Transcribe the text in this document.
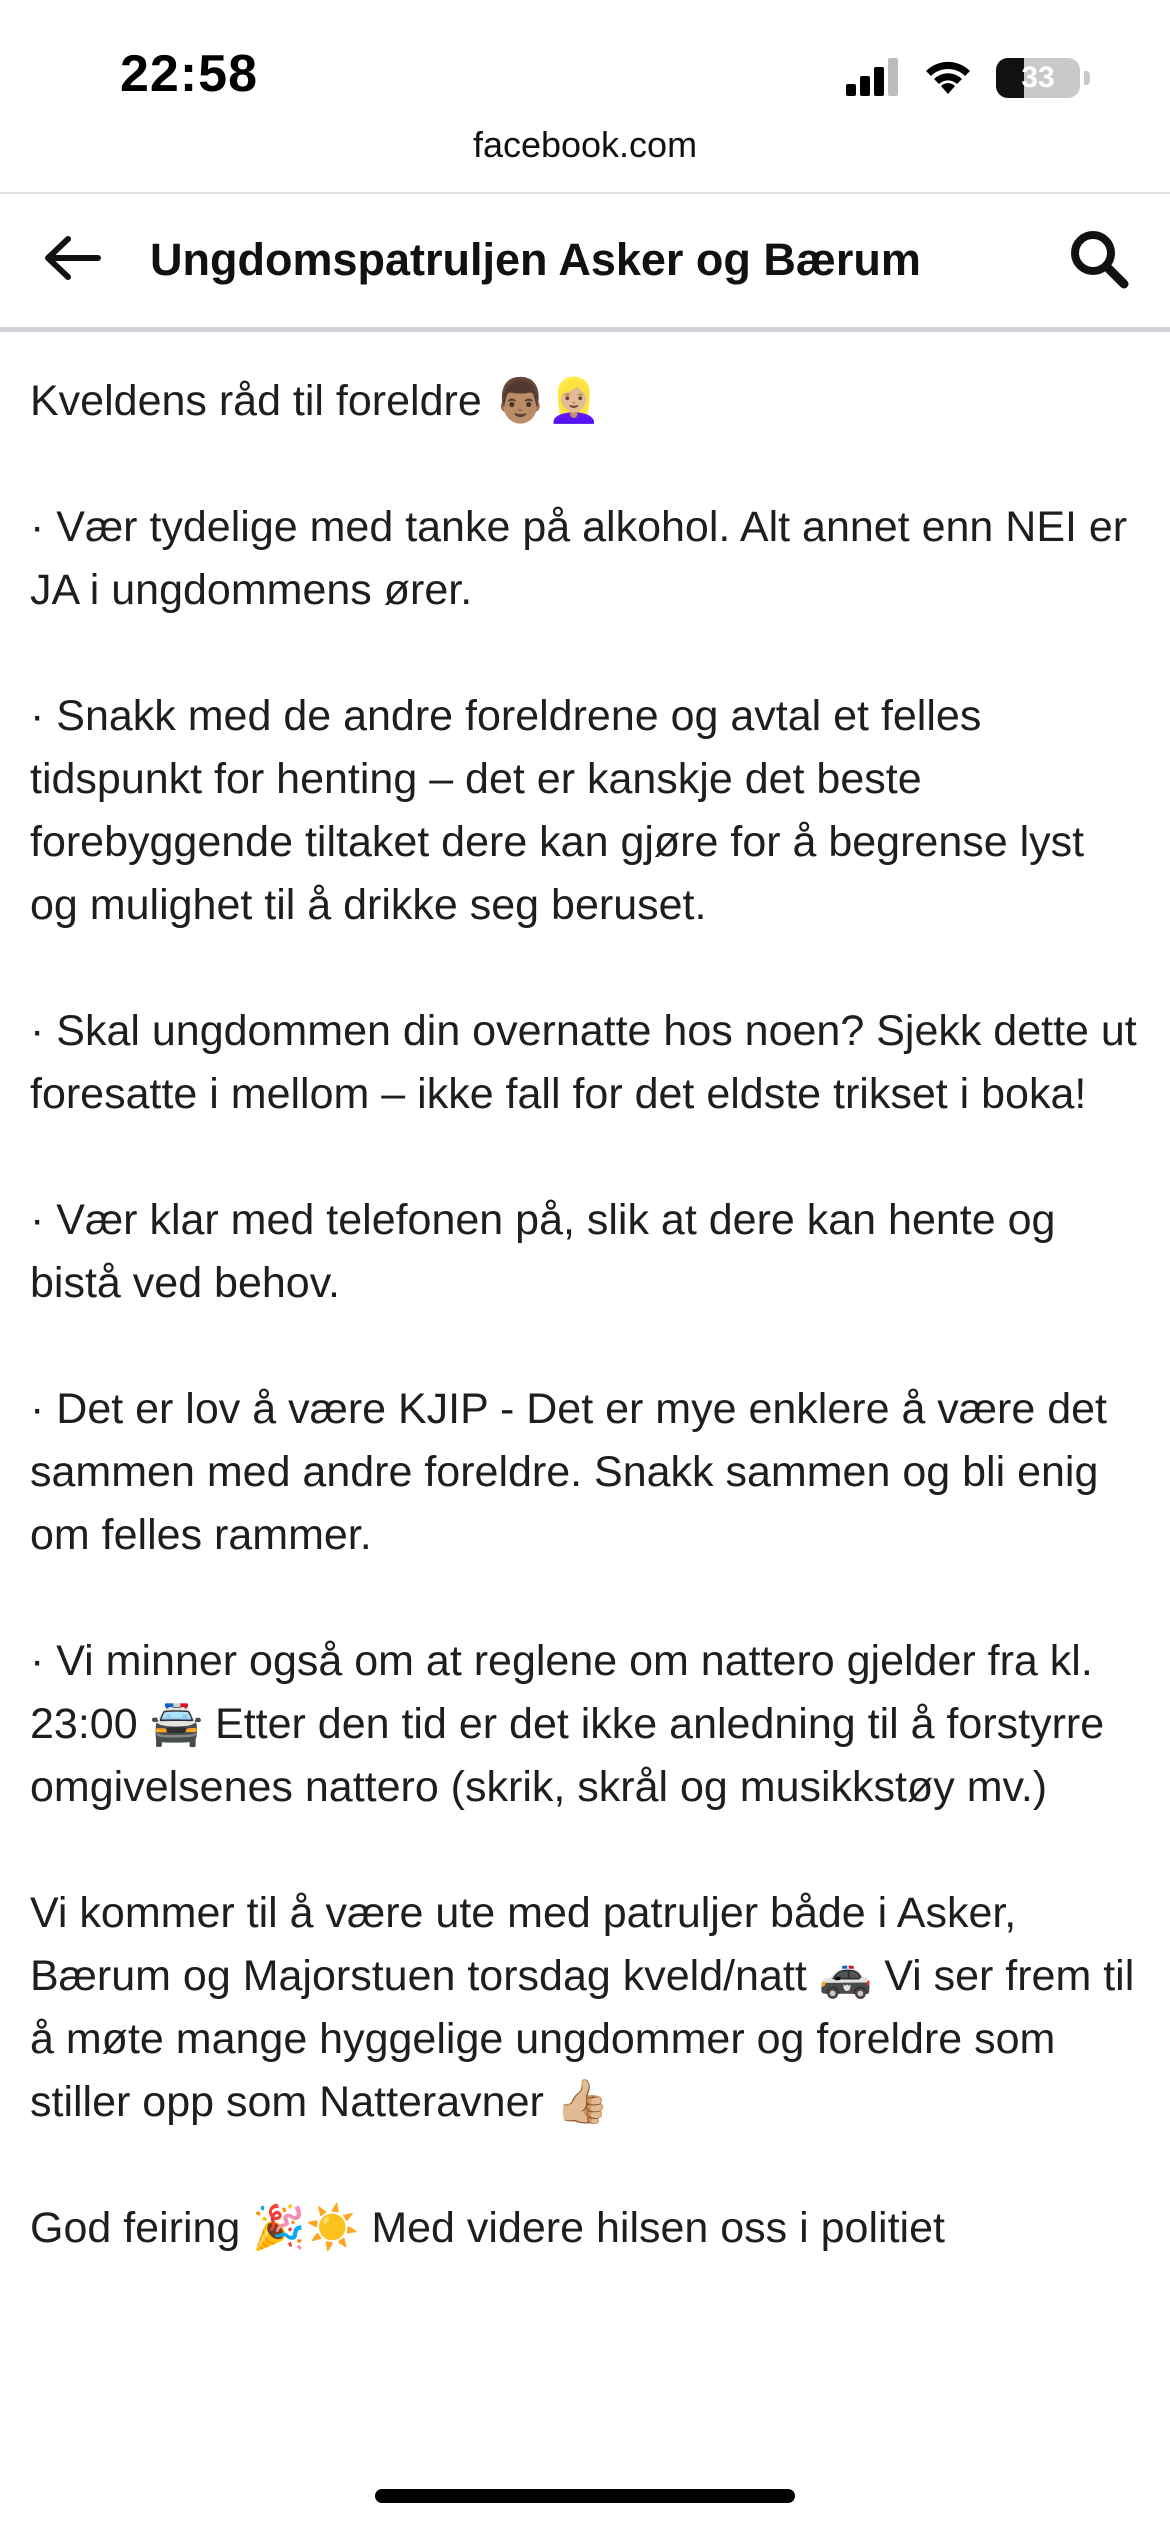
22:58	33
facebook.com
Ungdomspatruljen Asker og Bærum

Kveldens råd til foreldre 👨🏽👱🏼‍♀️

· Vær tydelige med tanke på alkohol. Alt annet enn NEI er JA i ungdommens ører.

· Snakk med de andre foreldrene og avtal et felles tidspunkt for henting – det er kanskje det beste forebyggende tiltaket dere kan gjøre for å begrense lyst og mulighet til å drikke seg beruset.

· Skal ungdommen din overnatte hos noen? Sjekk dette ut foresatte i mellom – ikke fall for det eldste trikset i boka!

· Vær klar med telefonen på, slik at dere kan hente og bistå ved behov.

· Det er lov å være KJIP - Det er mye enklere å være det sammen med andre foreldre. Snakk sammen og bli enig om felles rammer.

· Vi minner også om at reglene om nattero gjelder fra kl. 23:00 🚔 Etter den tid er det ikke anledning til å forstyrre omgivelsenes nattero (skrik, skrål og musikkstøy mv.)

Vi kommer til å være ute med patruljer både i Asker, Bærum og Majorstuen torsdag kveld/natt 🚓 Vi ser frem til å møte mange hyggelige ungdommer og foreldre som stiller opp som Natteravner 👍🏼

God feiring 🎉☀️ Med videre hilsen oss i politiet
